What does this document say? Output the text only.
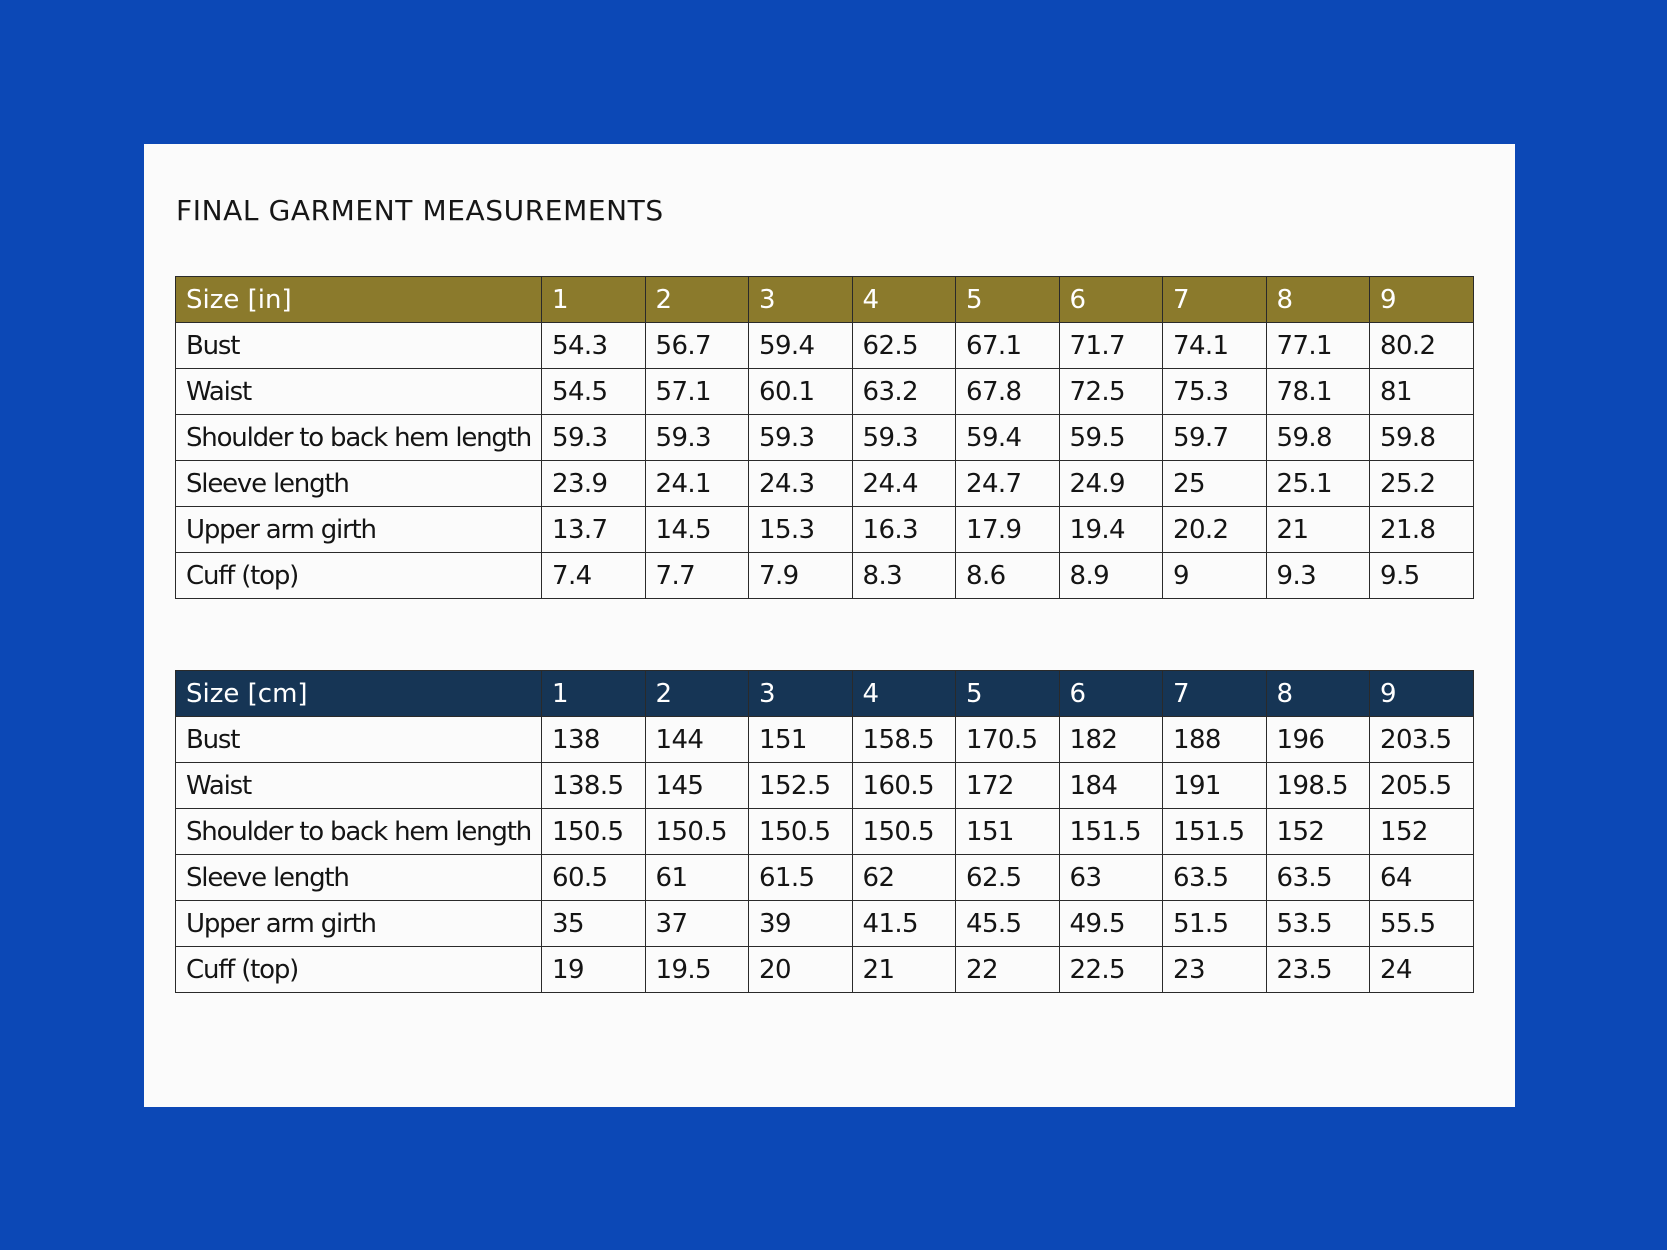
FINAL GARMENT MEASUREMENTS
Size [in]	1	2	3	4	5	6	7	8	9
Bust	54.3	56.7	59.4	62.5	67.1	71.7	74.1	77.1	80.2
Waist	54.5	57.1	60.1	63.2	67.8	72.5	75.3	78.1	81
Shoulder to back hem length	59.3	59.3	59.3	59.3	59.4	59.5	59.7	59.8	59.8
Sleeve length	23.9	24.1	24.3	24.4	24.7	24.9	25	25.1	25.2
Upper arm girth	13.7	14.5	15.3	16.3	17.9	19.4	20.2	21	21.8
Cuff (top)	7.4	7.7	7.9	8.3	8.6	8.9	9	9.3	9.5
Size [cm]	1	2	3	4	5	6	7	8	9
Bust	138	144	151	158.5	170.5	182	188	196	203.5
Waist	138.5	145	152.5	160.5	172	184	191	198.5	205.5
Shoulder to back hem length	150.5	150.5	150.5	150.5	151	151.5	151.5	152	152
Sleeve length	60.5	61	61.5	62	62.5	63	63.5	63.5	64
Upper arm girth	35	37	39	41.5	45.5	49.5	51.5	53.5	55.5
Cuff (top)	19	19.5	20	21	22	22.5	23	23.5	24
